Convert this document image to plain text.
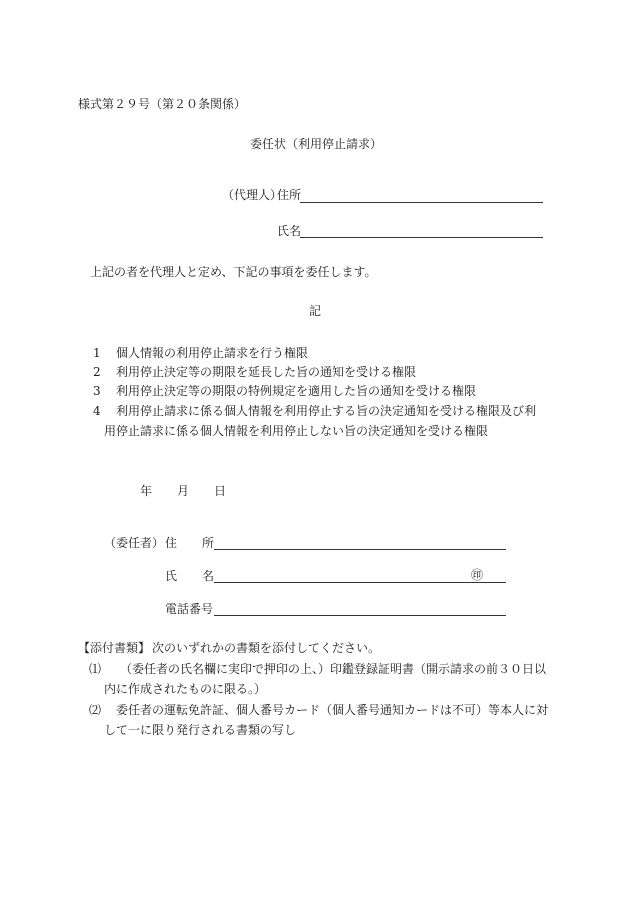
様式第２９号（第２０条関係）
委任状（利用停止請求）
（代理人）
住所
氏名
上記の者を代理人と定め、下記の事項を委任します。
記
1 個人情報の利用停止請求を行う権限
2 利用停止決定等の期限を延長した旨の通知を受ける権限
3 利用停止決定等の期限の特例規定を適用した旨の通知を受ける権限
4 利用停止請求に係る個人情報を利用停止する旨の決定通知を受ける権限及び利
用停止請求に係る個人情報を利用停止しない旨の決定通知を受ける権限
年 月 日
（委任者） 住 所
氏 名	㊞
電話番号
【添付書類】 次のいずれかの書類を添付してください。
⑴ （委任者の氏名欄に実印で押印の上、）印鑑登録証明書（開示請求の前３０日以
内に作成されたものに限る。）
⑵ 委任者の運転免許証、個人番号カード（個人番号通知カードは不可）等本人に対
して一に限り発行される書類の写し
